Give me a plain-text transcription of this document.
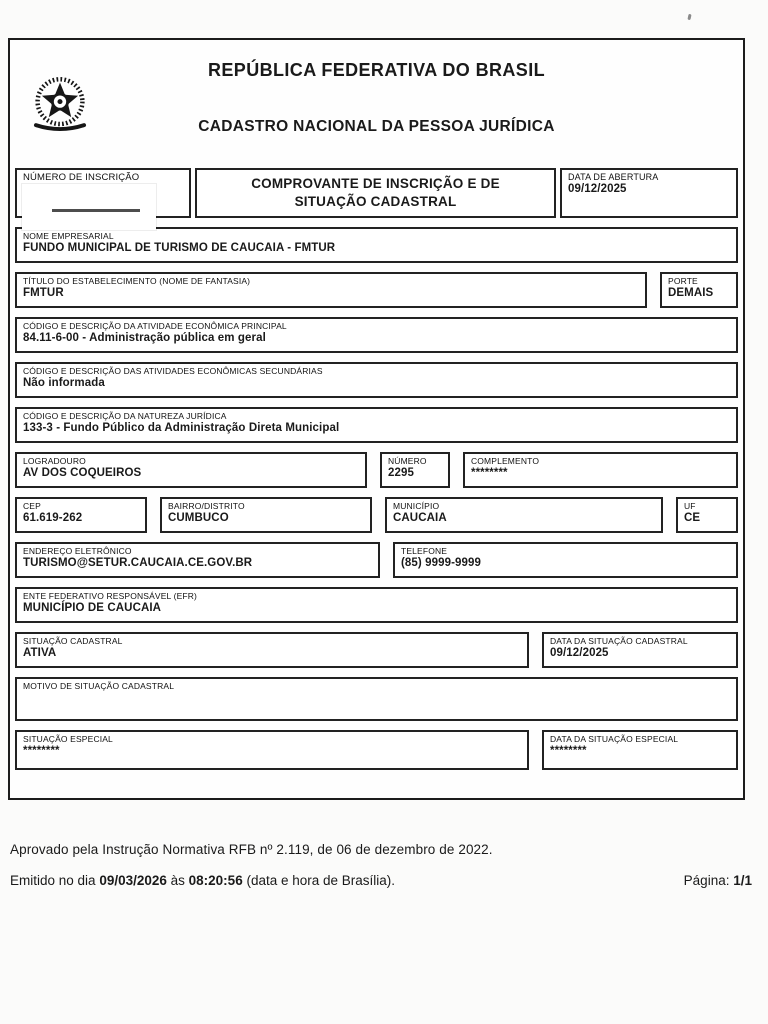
REPÚBLICA FEDERATIVA DO BRASIL
CADASTRO NACIONAL DA PESSOA JURÍDICA
NÚMERO DE INSCRIÇÃO	COMPROVANTE DE INSCRIÇÃO E DE SITUAÇÃO CADASTRAL
DATA DE ABERTURA
09/12/2025
NOME EMPRESARIAL
FUNDO MUNICIPAL DE TURISMO DE CAUCAIA - FMTUR
TÍTULO DO ESTABELECIMENTO (NOME DE FANTASIA)
FMTUR
PORTE
DEMAIS
CÓDIGO E DESCRIÇÃO DA ATIVIDADE ECONÔMICA PRINCIPAL
84.11-6-00 - Administração pública em geral
CÓDIGO E DESCRIÇÃO DAS ATIVIDADES ECONÔMICAS SECUNDÁRIAS
Não informada
CÓDIGO E DESCRIÇÃO DA NATUREZA JURÍDICA
133-3 - Fundo Público da Administração Direta Municipal
LOGRADOURO
AV DOS COQUEIROS
NÚMERO
2295
COMPLEMENTO
********
CEP
61.619-262
BAIRRO/DISTRITO
CUMBUCO
MUNICÍPIO
CAUCAIA
UF
CE
ENDEREÇO ELETRÔNICO
TURISMO@SETUR.CAUCAIA.CE.GOV.BR
TELEFONE
(85) 9999-9999
ENTE FEDERATIVO RESPONSÁVEL (EFR)
MUNICÍPIO DE CAUCAIA
SITUAÇÃO CADASTRAL
ATIVA
DATA DA SITUAÇÃO CADASTRAL
09/12/2025
MOTIVO DE SITUAÇÃO CADASTRAL
SITUAÇÃO ESPECIAL
********
DATA DA SITUAÇÃO ESPECIAL
********
Aprovado pela Instrução Normativa RFB nº 2.119, de 06 de dezembro de 2022.
Emitido no dia 09/03/2026 às 08:20:56 (data e hora de Brasília).	Página: 1/1
